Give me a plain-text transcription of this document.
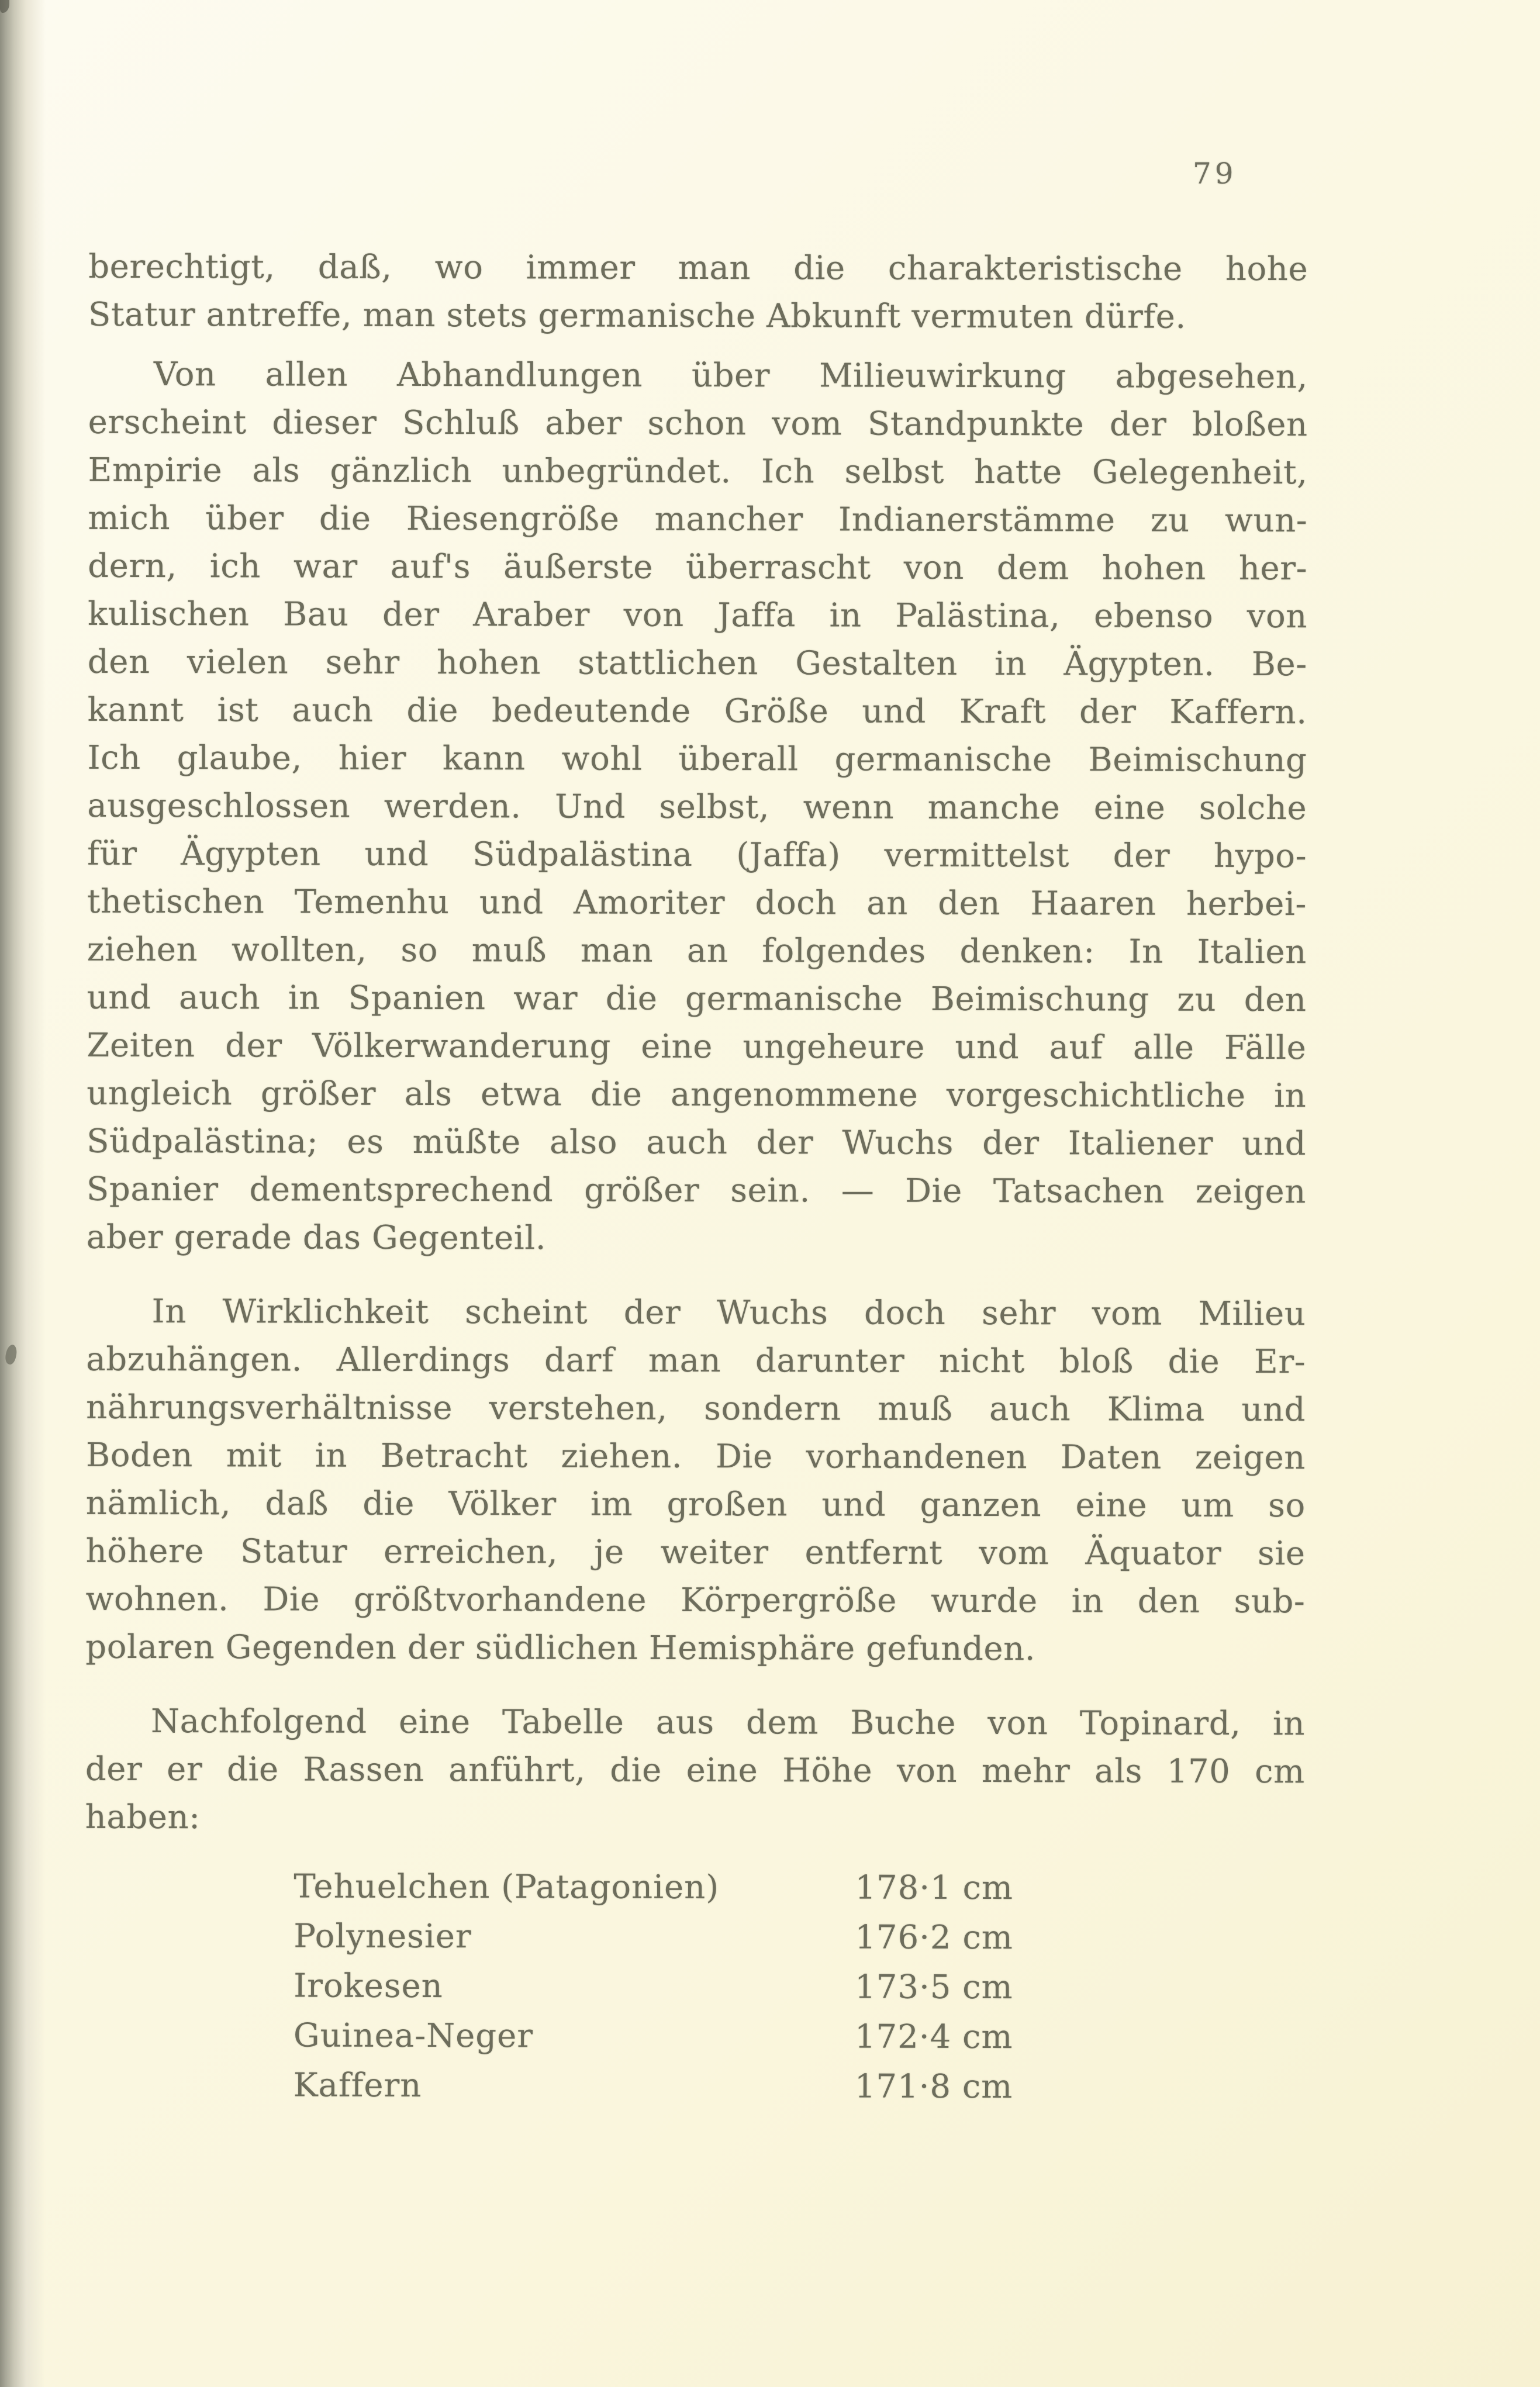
79
berechtigt, daß, wo immer man die charakteristische hohe
Statur antreffe, man stets germanische Abkunft vermuten dürfe.
Von allen Abhandlungen über Milieuwirkung abgesehen,
erscheint dieser Schluß aber schon vom Standpunkte der bloßen
Empirie als gänzlich unbegründet. Ich selbst hatte Gelegenheit,
mich über die Riesengröße mancher Indianerstämme zu wun-
dern, ich war auf's äußerste überrascht von dem hohen her-
kulischen Bau der Araber von Jaffa in Palästina, ebenso von
den vielen sehr hohen stattlichen Gestalten in Ägypten. Be-
kannt ist auch die bedeutende Größe und Kraft der Kaffern.
Ich glaube, hier kann wohl überall germanische Beimischung
ausgeschlossen werden. Und selbst, wenn manche eine solche
für Ägypten und Südpalästina (Jaffa) vermittelst der hypo-
thetischen Temenhu und Amoriter doch an den Haaren herbei-
ziehen wollten, so muß man an folgendes denken: In Italien
und auch in Spanien war die germanische Beimischung zu den
Zeiten der Völkerwanderung eine ungeheure und auf alle Fälle
ungleich größer als etwa die angenommene vorgeschichtliche in
Südpalästina; es müßte also auch der Wuchs der Italiener und
Spanier dementsprechend größer sein. — Die Tatsachen zeigen
aber gerade das Gegenteil.
In Wirklichkeit scheint der Wuchs doch sehr vom Milieu
abzuhängen. Allerdings darf man darunter nicht bloß die Er-
nährungsverhältnisse verstehen, sondern muß auch Klima und
Boden mit in Betracht ziehen. Die vorhandenen Daten zeigen
nämlich, daß die Völker im großen und ganzen eine um so
höhere Statur erreichen, je weiter entfernt vom Äquator sie
wohnen. Die größtvorhandene Körpergröße wurde in den sub-
polaren Gegenden der südlichen Hemisphäre gefunden.
Nachfolgend eine Tabelle aus dem Buche von Topinard, in
der er die Rassen anführt, die eine Höhe von mehr als 170 cm
haben:
Tehuelchen (Patagonien)	178·1 cm
Polynesier	176·2 cm
Irokesen	173·5 cm
Guinea-Neger	172·4 cm
Kaffern	171·8 cm
